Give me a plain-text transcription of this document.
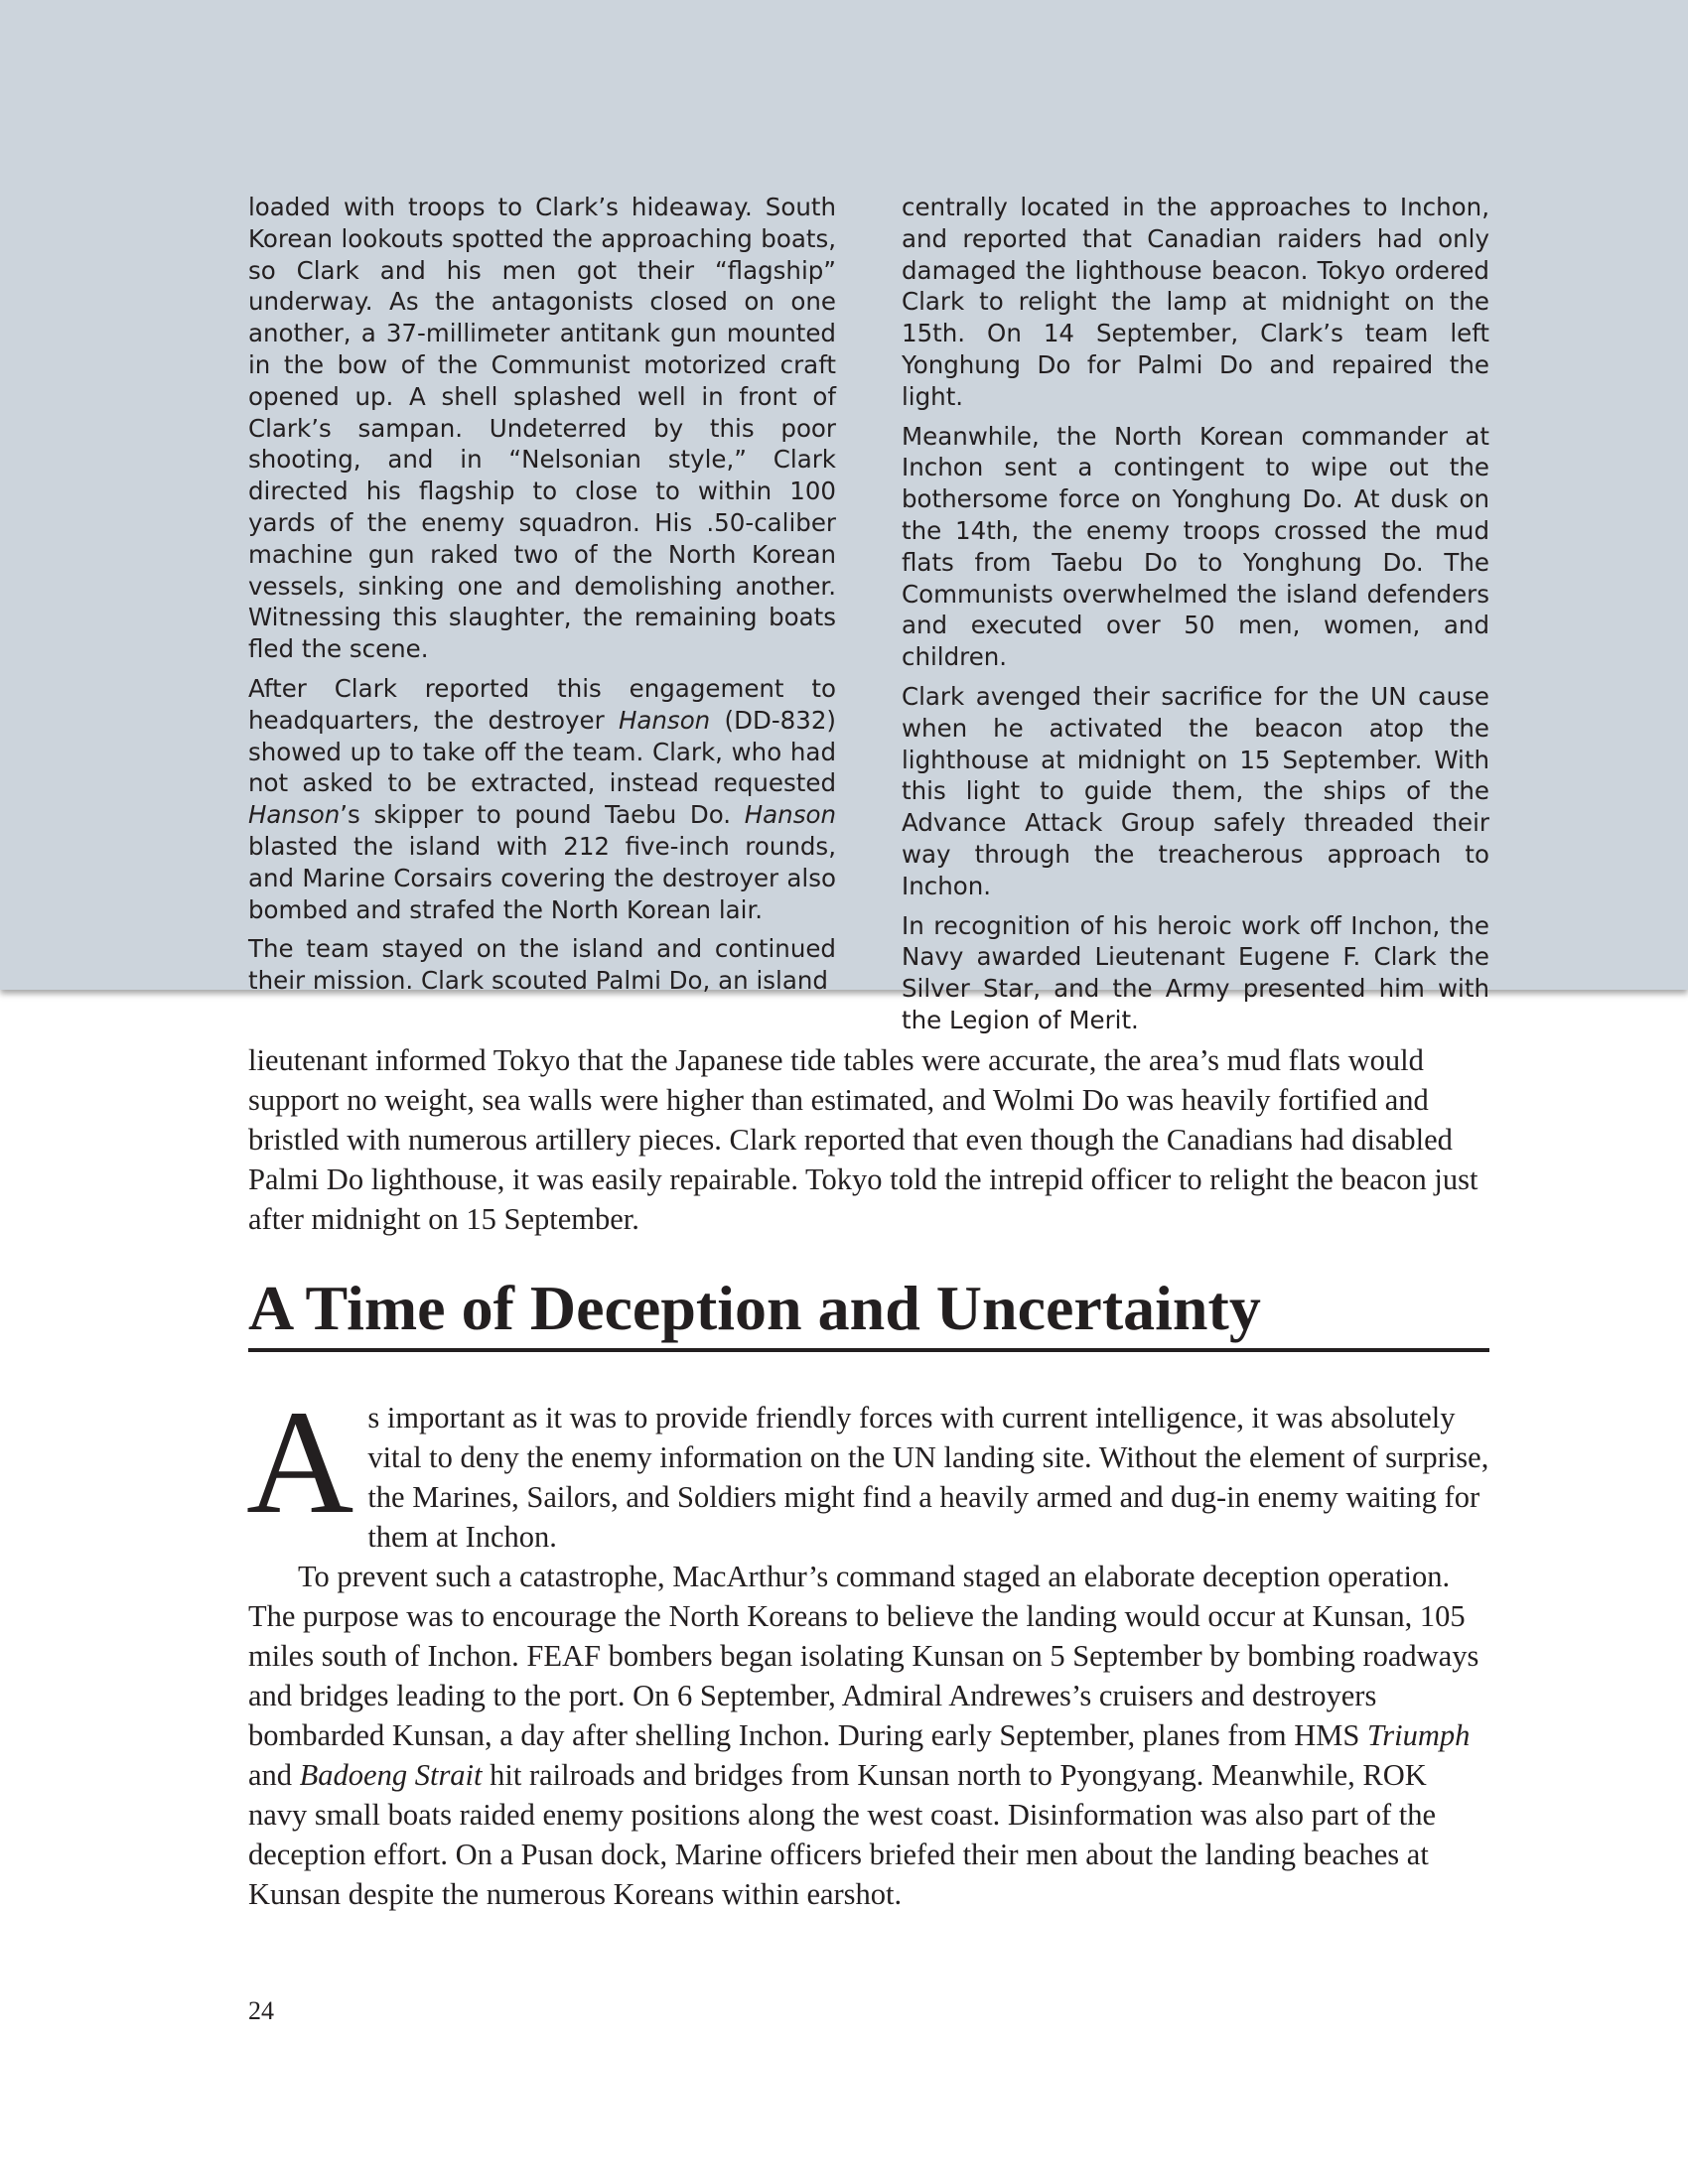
loaded with troops to Clark’s hideaway. South Korean lookouts spotted the approaching boats, so Clark and his men got their “flagship” underway. As the antagonists closed on one another, a 37-millimeter antitank gun mounted in the bow of the Communist motorized craft opened up. A shell splashed well in front of Clark’s sampan. Undeterred by this poor shooting, and in “Nelsonian style,” Clark directed his flagship to close to within 100 yards of the enemy squadron. His .50-caliber machine gun raked two of the North Korean vessels, sinking one and demolishing another. Witnessing this slaughter, the remaining boats fled the scene.

After Clark reported this engagement to headquarters, the destroyer Hanson (DD-832) showed up to take off the team. Clark, who had not asked to be extracted, instead requested Hanson’s skipper to pound Taebu Do. Hanson blasted the island with 212 five-inch rounds, and Marine Corsairs covering the destroyer also bombed and strafed the North Korean lair.

The team stayed on the island and continued their mission. Clark scouted Palmi Do, an island

centrally located in the approaches to Inchon, and reported that Canadian raiders had only damaged the lighthouse beacon. Tokyo ordered Clark to relight the lamp at midnight on the 15th. On 14 September, Clark’s team left Yonghung Do for Palmi Do and repaired the light.

Meanwhile, the North Korean commander at Inchon sent a contingent to wipe out the bothersome force on Yonghung Do. At dusk on the 14th, the enemy troops crossed the mud flats from Taebu Do to Yonghung Do. The Communists overwhelmed the island defenders and executed over 50 men, women, and children.

Clark avenged their sacrifice for the UN cause when he activated the beacon atop the lighthouse at midnight on 15 September. With this light to guide them, the ships of the Advance Attack Group safely threaded their way through the treacherous approach to Inchon.

In recognition of his heroic work off Inchon, the Navy awarded Lieutenant Eugene F. Clark the Silver Star, and the Army presented him with the Legion of Merit.

lieutenant informed Tokyo that the Japanese tide tables were accurate, the area’s mud flats would support no weight, sea walls were higher than estimated, and Wolmi Do was heavily fortified and bristled with numerous artillery pieces. Clark reported that even though the Canadians had disabled Palmi Do lighthouse, it was easily repairable. Tokyo told the intrepid officer to relight the beacon just after midnight on 15 September.

A Time of Deception and Uncertainty

As important as it was to provide friendly forces with current intelligence, it was absolutely vital to deny the enemy information on the UN landing site. Without the element of surprise, the Marines, Sailors, and Soldiers might find a heavily armed and dug-in enemy waiting for them at Inchon.

To prevent such a catastrophe, MacArthur’s command staged an elaborate deception operation. The purpose was to encourage the North Koreans to believe the landing would occur at Kunsan, 105 miles south of Inchon. FEAF bombers began isolating Kunsan on 5 September by bombing roadways and bridges leading to the port. On 6 September, Admiral Andrewes’s cruisers and destroyers bombarded Kunsan, a day after shelling Inchon. During early September, planes from HMS Triumph and Badoeng Strait hit railroads and bridges from Kunsan north to Pyongyang. Meanwhile, ROK navy small boats raided enemy positions along the west coast. Disinformation was also part of the deception effort. On a Pusan dock, Marine officers briefed their men about the landing beaches at Kunsan despite the numerous Koreans within earshot.

24
